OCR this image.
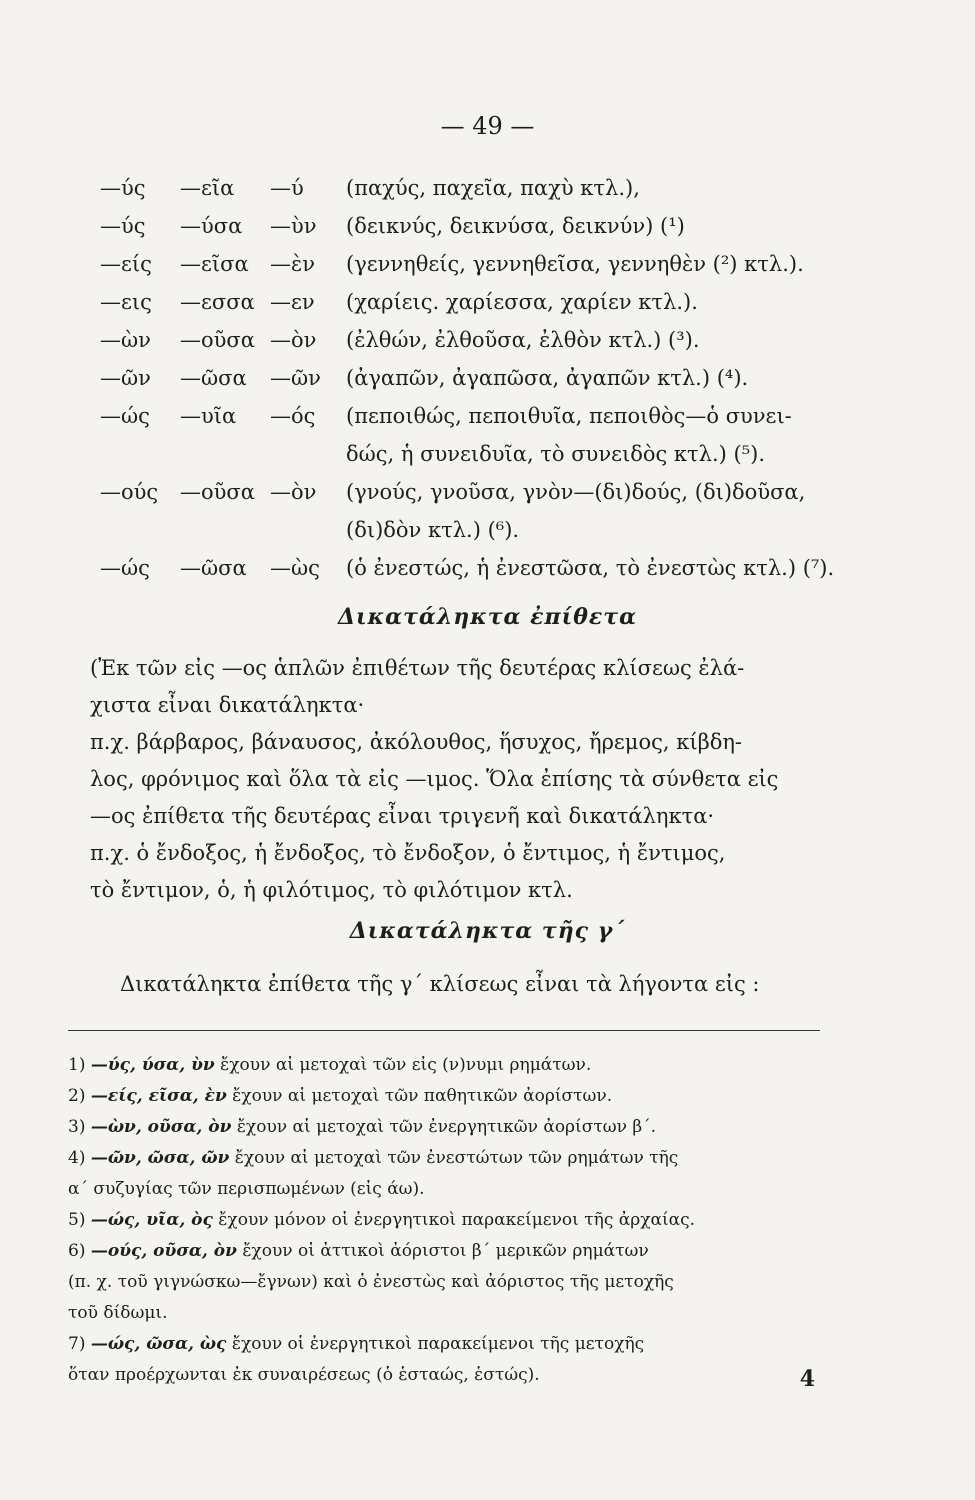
— 49 —
—ύς —εῖα —ύ (παχύς, παχεῖα, παχὺ κτλ.),
—ύς —ύσα —ὺν (δεικνύς, δεικνύσα, δεικνύν) (¹)
—είς —εῖσα —ὲν (γεννηθείς, γεννηθεῖσα, γεννηθὲν (²) κτλ.).
—εις —εσσα —εν (χαρίεις. χαρίεσσα, χαρίεν κτλ.).
—ὼν —οῦσα —ὸν (ἐλθών, ἐλθοῦσα, ἐλθὸν κτλ.) (³).
—ῶν —ῶσα —ῶν (ἀγαπῶν, ἀγαπῶσα, ἀγαπῶν κτλ.) (⁴).
—ώς —υῖα —ός (πεποιθώς, πεποιθυῖα, πεποιθὸς—ὁ συνει-
δώς, ἡ συνειδυῖα, τὸ συνειδὸς κτλ.) (⁵).
—ούς —οῦσα —ὸν (γνούς, γνοῦσα, γνὸν—(δι)δούς, (δι)δοῦσα,
(δι)δὸν κτλ.) (⁶).
—ώς —ῶσα —ὼς (ὁ ἐνεστώς, ἡ ἐνεστῶσα, τὸ ἐνεστὼς κτλ.) (⁷).
Δικατάληκτα ἐπίθετα
(Ἐκ τῶν εἰς —ος ἁπλῶν ἐπιθέτων τῆς δευτέρας κλίσεως ἐλά-
χιστα εἶναι δικατάληκτα·
π.χ. βάρβαρος, βάναυσος, ἀκόλουθος, ἥσυχος, ἤρεμος, κίβδη-
λος, φρόνιμος καὶ ὅλα τὰ εἰς —ιμος. Ὅλα ἐπίσης τὰ σύνθετα εἰς
—ος ἐπίθετα τῆς δευτέρας εἶναι τριγενῆ καὶ δικατάληκτα·
π.χ. ὁ ἔνδοξος, ἡ ἔνδοξος, τὸ ἔνδοξον, ὁ ἔντιμος, ἡ ἔντιμος,
τὸ ἔντιμον, ὁ, ἡ φιλότιμος, τὸ φιλότιμον κτλ.
Δικατάληκτα τῆς γ´
Δικατάληκτα ἐπίθετα τῆς γ´ κλίσεως εἶναι τὰ λήγοντα εἰς :
1) —ύς, ύσα, ὺν ἔχουν αἱ μετοχαὶ τῶν εἰς (ν)νυμι ρημάτων.
2) —είς, εῖσα, ὲν ἔχουν αἱ μετοχαὶ τῶν παθητικῶν ἀορίστων.
3) —ὼν, οῦσα, ὸν ἔχουν αἱ μετοχαὶ τῶν ἐνεργητικῶν ἀορίστων β´.
4) —ῶν, ῶσα, ῶν ἔχουν αἱ μετοχαὶ τῶν ἐνεστώτων τῶν ρημάτων τῆς
α´ συζυγίας τῶν περισπωμένων (εἰς άω).
5) —ώς, υῖα, ὸς ἔχουν μόνον οἱ ἐνεργητικοὶ παρακείμενοι τῆς ἀρχαίας.
6) —ούς, οῦσα, ὸν ἔχουν οἱ ἀττικοὶ ἀόριστοι β´ μερικῶν ρημάτων
(π. χ. τοῦ γιγνώσκω—ἔγνων) καὶ ὁ ἐνεστὼς καὶ ἀόριστος τῆς μετοχῆς
τοῦ δίδωμι.
7) —ώς, ῶσα, ὼς ἔχουν οἱ ἐνεργητικοὶ παρακείμενοι τῆς μετοχῆς
ὅταν προέρχωνται ἐκ συναιρέσεως (ὁ ἑσταώς, ἑστώς).	4
